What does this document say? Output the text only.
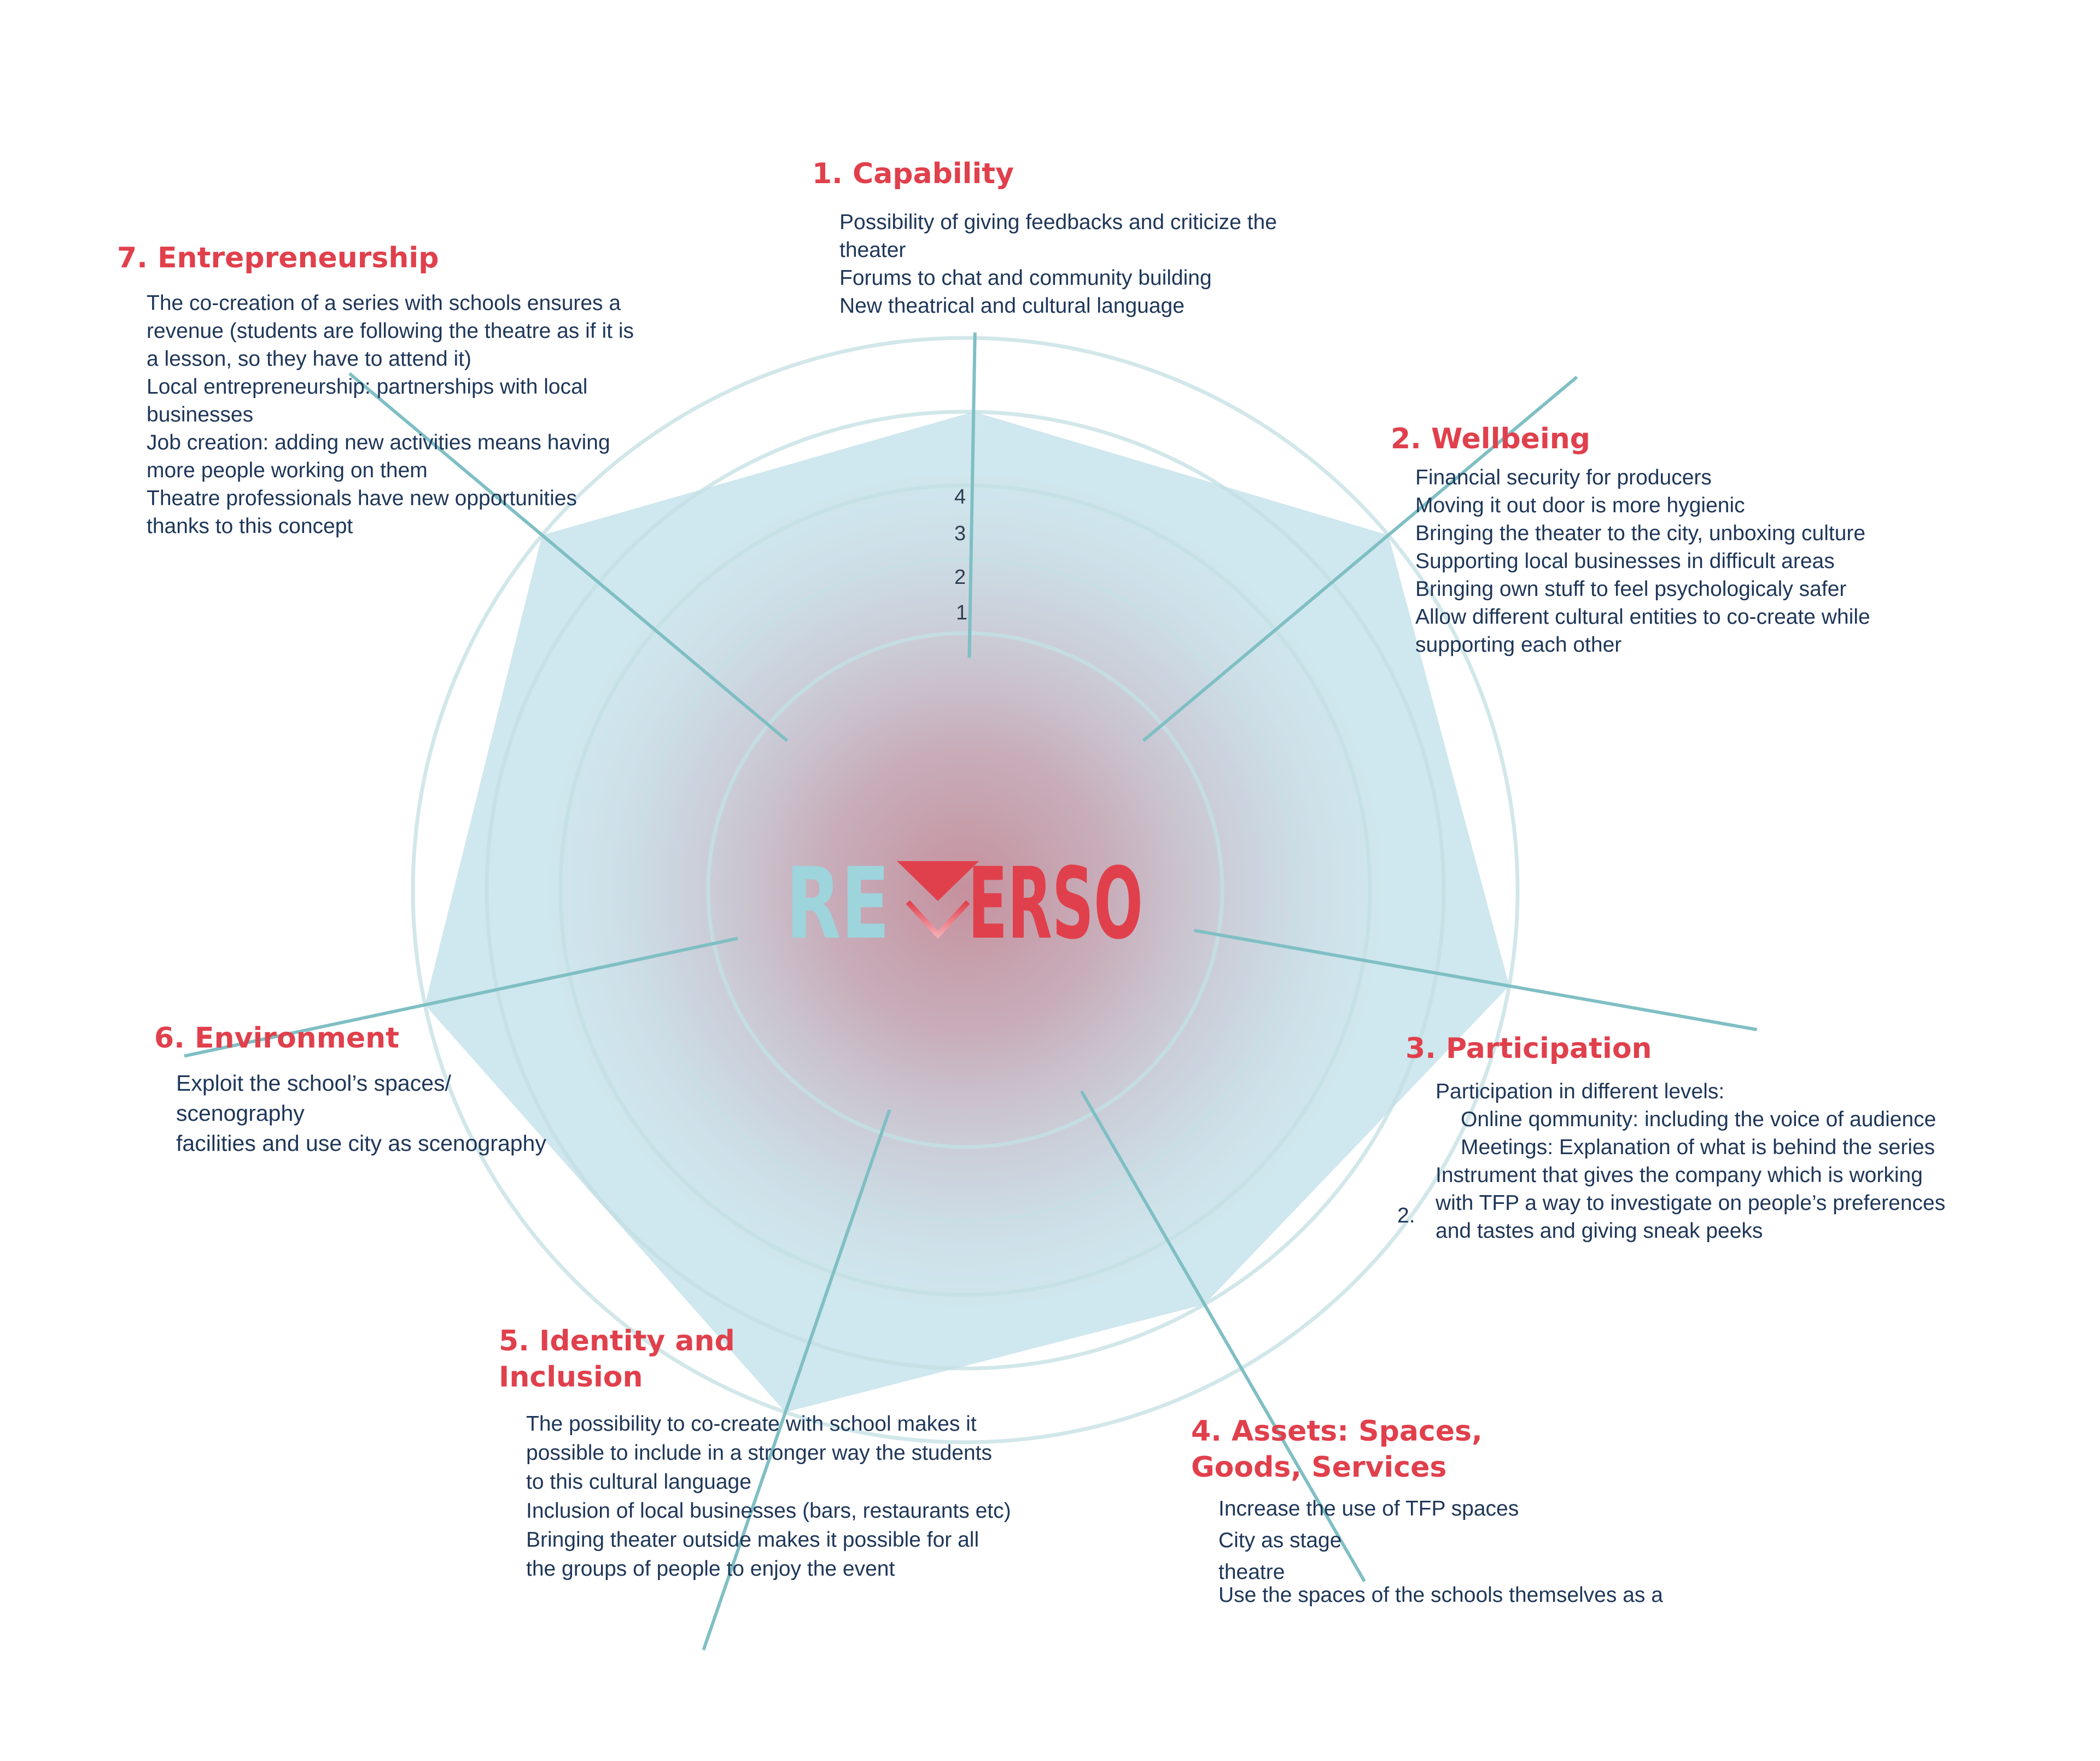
RE ERSO
4
3
2
1
1. Capability
Possibility of giving feedbacks and criticize the
theater
Forums to chat and community building
New theatrical and cultural language
2. Wellbeing
Financial security for producers
Moving it out door is more hygienic
Bringing the theater to the city, unboxing culture
Supporting local businesses in difficult areas
Bringing own stuff to feel psychologicaly safer
Allow different cultural entities to co-create while
supporting each other
3. Participation
Participation in different levels:
Online qommunity: including the voice of audience
Meetings: Explanation of what is behind the series
Instrument that gives the company which is working
with TFP a way to investigate on people’s preferences
and tastes and giving sneak peeks
2.
4. Assets: Spaces,
Goods, Services
Increase the use of TFP spaces
City as stage
theatre
Use the spaces of the schools themselves as a
5. Identity and
Inclusion
The possibility to co-create with school makes it
possible to include in a stronger way the students
to this cultural language
Inclusion of local businesses (bars, restaurants etc)
Bringing theater outside makes it possible for all
the groups of people to enjoy the event
6. Environment
Exploit the school’s spaces/
scenography
facilities and use city as scenography
7. Entrepreneurship
The co-creation of a series with schools ensures a
revenue (students are following the theatre as if it is
a lesson, so they have to attend it)
Local entrepreneurship: partnerships with local
businesses
Job creation: adding new activities means having
more people working on them
Theatre professionals have new opportunities
thanks to this concept
